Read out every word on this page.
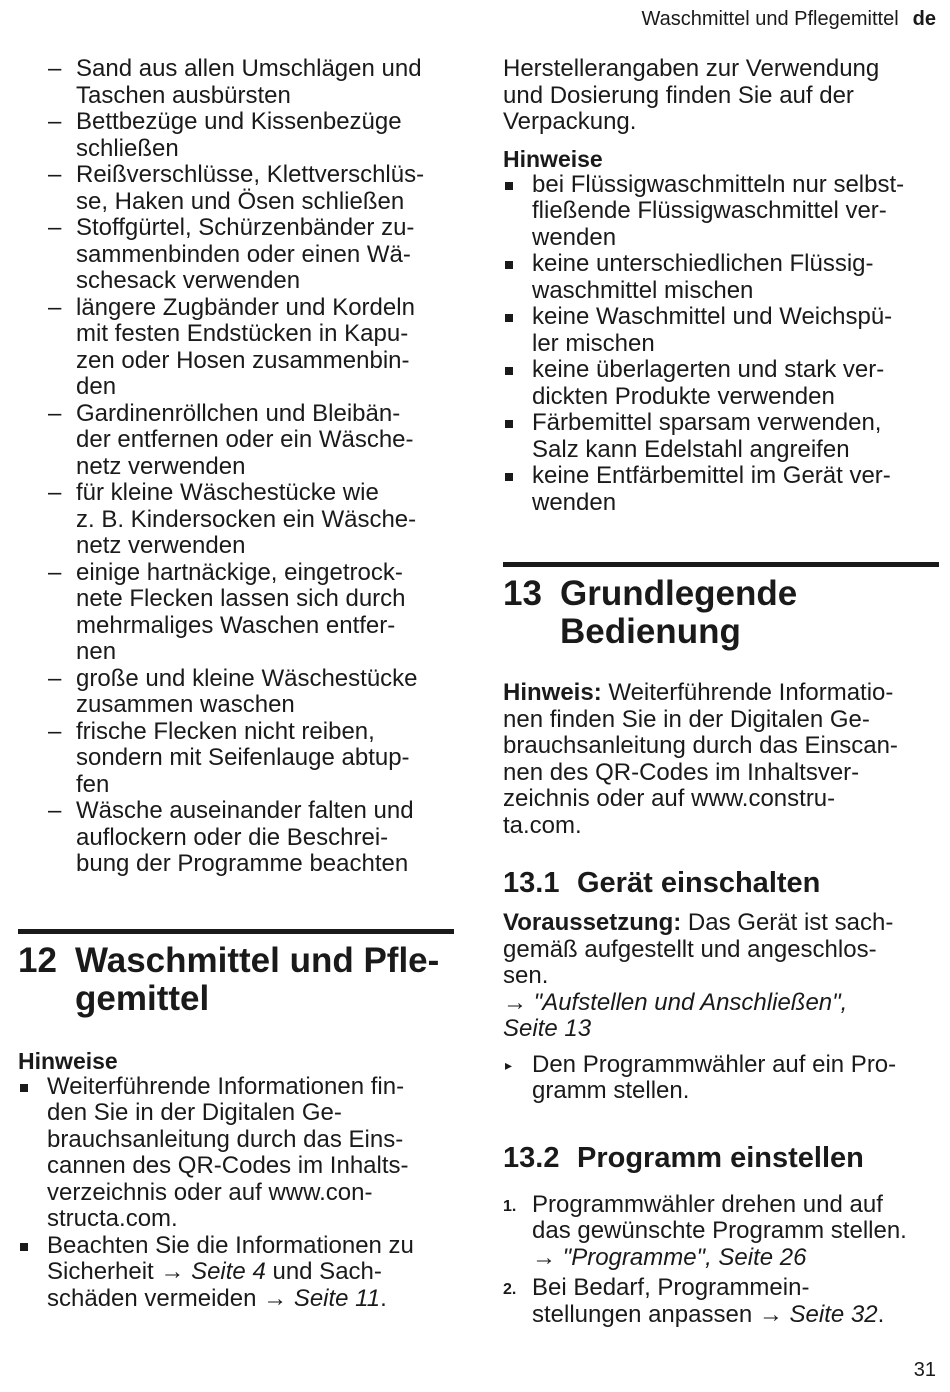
Waschmittel und Pflegemittel de
– Sand aus allen Umschlägen und
Taschen ausbürsten
– Bettbezüge und Kissenbezüge
schließen
– Reißverschlüsse, Klettverschlüs-
se, Haken und Ösen schließen
– Stoffgürtel, Schürzenbänder zu-
sammenbinden oder einen Wä-
schesack verwenden
– längere Zugbänder und Kordeln
mit festen Endstücken in Kapu-
zen oder Hosen zusammenbin-
den
– Gardinenröllchen und Bleibän-
der entfernen oder ein Wäsche-
netz verwenden
– für kleine Wäschestücke wie
z. B. Kindersocken ein Wäsche-
netz verwenden
– einige hartnäckige, eingetrock-
nete Flecken lassen sich durch
mehrmaliges Waschen entfer-
nen
– große und kleine Wäschestücke
zusammen waschen
– frische Flecken nicht reiben,
sondern mit Seifenlauge abtup-
fen
– Wäsche auseinander falten und
auflockern oder die Beschrei-
bung der Programme beachten
12 Waschmittel und Pfle-
gemittel
Hinweise
Weiterführende Informationen fin-
den Sie in der Digitalen Ge-
brauchsanleitung durch das Eins-
cannen des QR-Codes im Inhalts-
verzeichnis oder auf www.con-
structa.com.
Beachten Sie die Informationen zu
Sicherheit → Seite 4 und Sach-
schäden vermeiden → Seite 11.
Herstellerangaben zur Verwendung
und Dosierung finden Sie auf der
Verpackung.
Hinweise
bei Flüssigwaschmitteln nur selbst-
fließende Flüssigwaschmittel ver-
wenden
keine unterschiedlichen Flüssig-
waschmittel mischen
keine Waschmittel und Weichspü-
ler mischen
keine überlagerten und stark ver-
dickten Produkte verwenden
Färbemittel sparsam verwenden,
Salz kann Edelstahl angreifen
keine Entfärbemittel im Gerät ver-
wenden
13 Grundlegende
Bedienung
Hinweis: Weiterführende Informatio-
nen finden Sie in der Digitalen Ge-
brauchsanleitung durch das Einscan-
nen des QR-Codes im Inhaltsver-
zeichnis oder auf www.constru-
ta.com.
13.1 Gerät einschalten
Voraussetzung: Das Gerät ist sach-
gemäß aufgestellt und angeschlos-
sen.
→ "Aufstellen und Anschließen",
Seite 13
▸ Den Programmwähler auf ein Pro-
gramm stellen.
13.2 Programm einstellen
1. Programmwähler drehen und auf
das gewünschte Programm stellen.
→ "Programme", Seite 26
2. Bei Bedarf, Programmein-
stellungen anpassen → Seite 32.
31
